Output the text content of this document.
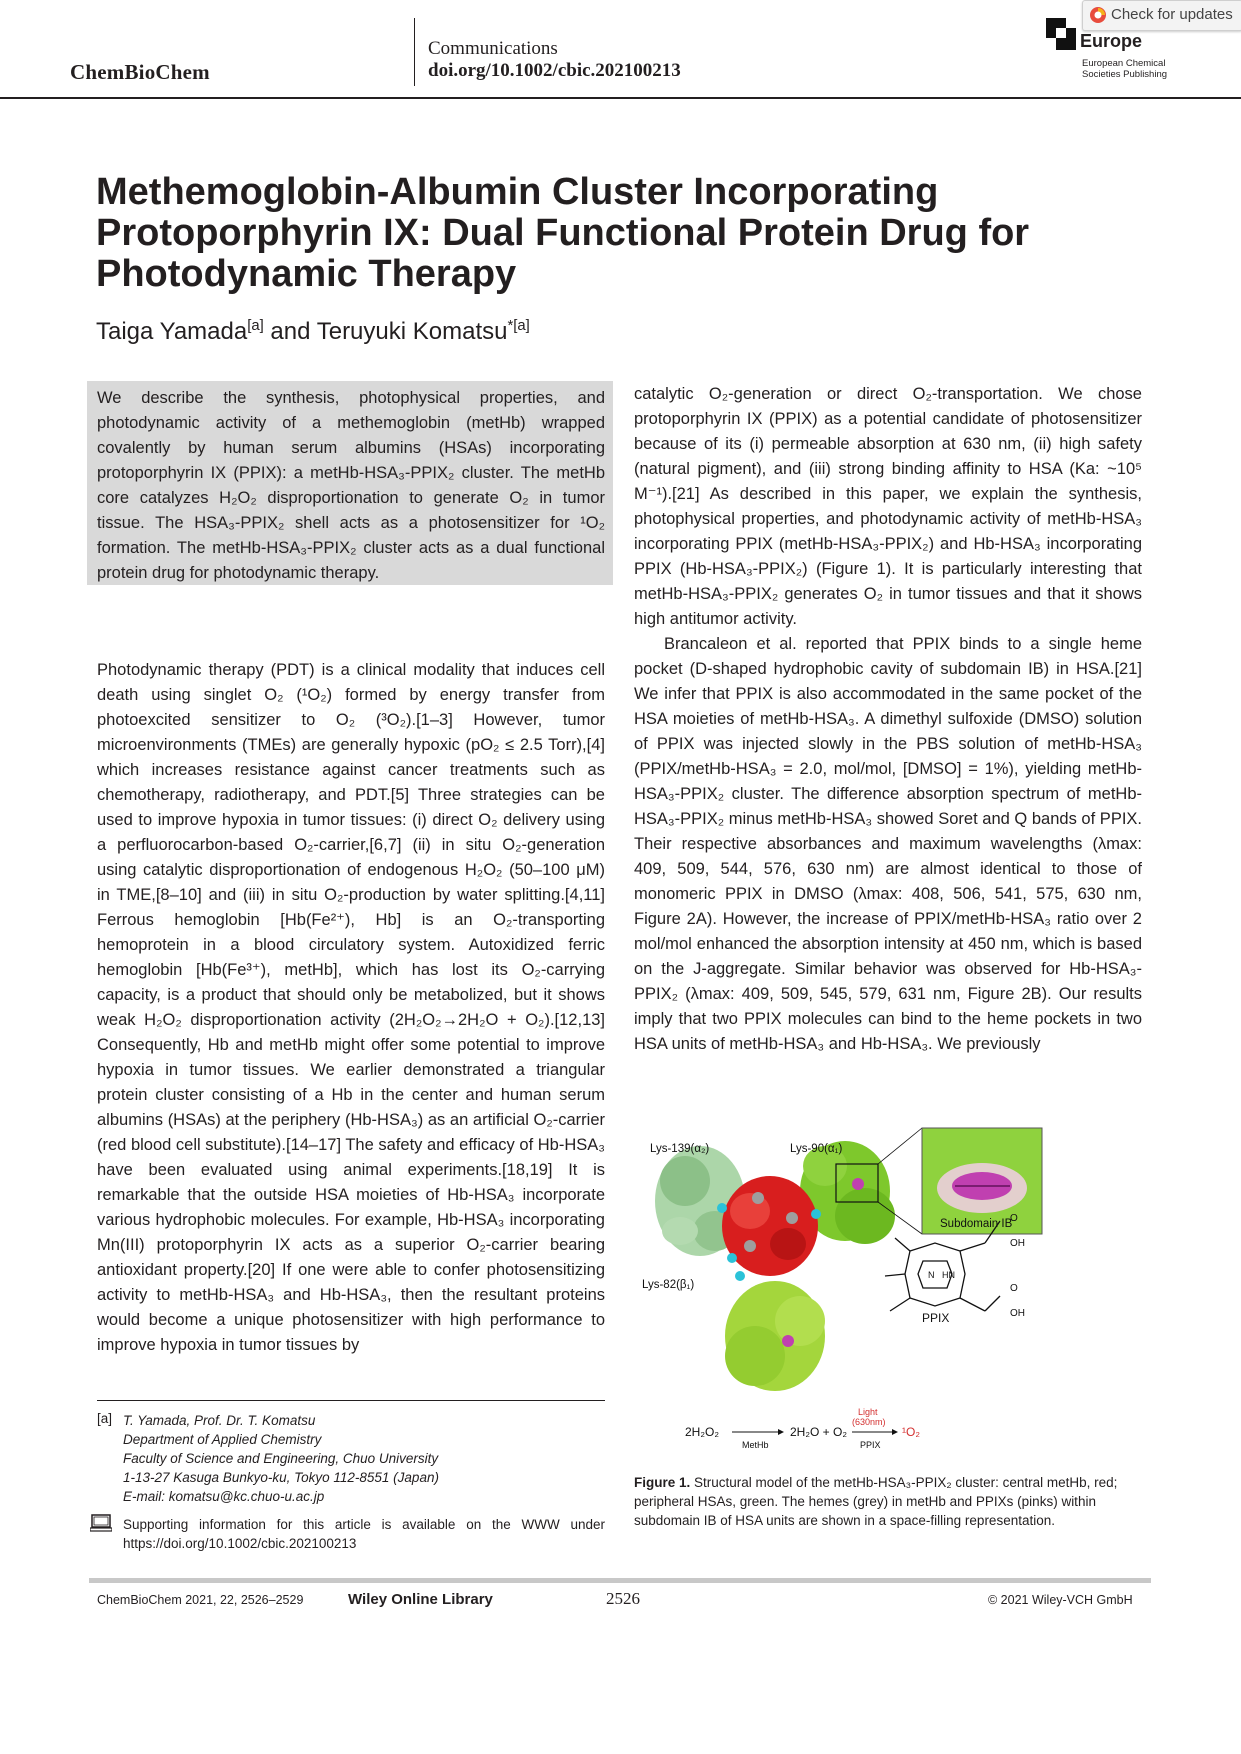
ChemBioChem
Communications
doi.org/10.1002/cbic.202100213
Europe
European Chemical
Societies Publishing
Check for updates
Methemoglobin-Albumin Cluster Incorporating Protoporphyrin IX: Dual Functional Protein Drug for Photodynamic Therapy
Taiga Yamada[a] and Teruyuki Komatsu$^{*[a]}$
We describe the synthesis, photophysical properties, and photodynamic activity of a methemoglobin (metHb) wrapped covalently by human serum albumins (HSAs) incorporating protoporphyrin IX (PPIX): a metHb-HSA₃-PPIX₂ cluster. The metHb core catalyzes H₂O₂ disproportionation to generate O₂ in tumor tissue. The HSA₃-PPIX₂ shell acts as a photosensitizer for ¹O₂ formation. The metHb-HSA₃-PPIX₂ cluster acts as a dual functional protein drug for photodynamic therapy.

Photodynamic therapy (PDT) is a clinical modality that induces cell death using singlet O₂ (¹O₂) formed by energy transfer from photoexcited sensitizer to O₂ (³O₂).[1–3] However, tumor microenvironments (TMEs) are generally hypoxic (pO₂ ≤ 2.5 Torr),[4] which increases resistance against cancer treatments such as chemotherapy, radiotherapy, and PDT.[5] Three strategies can be used to improve hypoxia in tumor tissues: (i) direct O₂ delivery using a perfluorocarbon-based O₂-carrier,[6,7] (ii) in situ O₂-generation using catalytic disproportionation of endogenous H₂O₂ (50–100 μM) in TME,[8–10] and (iii) in situ O₂-production by water splitting.[4,11] Ferrous hemoglobin [Hb(Fe²⁺), Hb] is an O₂-transporting hemoprotein in a blood circulatory system. Autoxidized ferric hemoglobin [Hb(Fe³⁺), metHb], which has lost its O₂-carrying capacity, is a product that should only be metabolized, but it shows weak H₂O₂ disproportionation activity (2H₂O₂→2H₂O + O₂).[12,13] Consequently, Hb and metHb might offer some potential to improve hypoxia in tumor tissues. We earlier demonstrated a triangular protein cluster consisting of a Hb in the center and human serum albumins (HSAs) at the periphery (Hb-HSA₃) as an artificial O₂-carrier (red blood cell substitute).[14–17] The safety and efficacy of Hb-HSA₃ have been evaluated using animal experiments.[18,19] It is remarkable that the outside HSA moieties of Hb-HSA₃ incorporate various hydrophobic molecules. For example, Hb-HSA₃ incorporating Mn(III) protoporphyrin IX acts as a superior O₂-carrier bearing antioxidant property.[20] If one were able to confer photosensitizing activity to metHb-HSA₃ and Hb-HSA₃, then the resultant proteins would become a unique photosensitizer with high performance to improve hypoxia in tumor tissues by

catalytic O₂-generation or direct O₂-transportation. We chose protoporphyrin IX (PPIX) as a potential candidate of photosensitizer because of its (i) permeable absorption at 630 nm, (ii) high safety (natural pigment), and (iii) strong binding affinity to HSA (Ka: ~10⁵ M⁻¹).[21] As described in this paper, we explain the synthesis, photophysical properties, and photodynamic activity of metHb-HSA₃ incorporating PPIX (metHb-HSA₃-PPIX₂) and Hb-HSA₃ incorporating PPIX (Hb-HSA₃-PPIX₂) (Figure 1). It is particularly interesting that metHb-HSA₃-PPIX₂ generates O₂ in tumor tissues and that it shows high antitumor activity.

Brancaleon et al. reported that PPIX binds to a single heme pocket (D-shaped hydrophobic cavity of subdomain IB) in HSA.[21] We infer that PPIX is also accommodated in the same pocket of the HSA moieties of metHb-HSA₃. A dimethyl sulfoxide (DMSO) solution of PPIX was injected slowly in the PBS solution of metHb-HSA₃ (PPIX/metHb-HSA₃ = 2.0, mol/mol, [DMSO] = 1%), yielding metHb-HSA₃-PPIX₂ cluster. The difference absorption spectrum of metHb-HSA₃-PPIX₂ minus metHb-HSA₃ showed Soret and Q bands of PPIX. Their respective absorbances and maximum wavelengths (λmax: 409, 509, 544, 576, 630 nm) are almost identical to those of monomeric PPIX in DMSO (λmax: 408, 506, 541, 575, 630 nm, Figure 2A). However, the increase of PPIX/metHb-HSA₃ ratio over 2 mol/mol enhanced the absorption intensity at 450 nm, which is based on the J-aggregate. Similar behavior was observed for Hb-HSA₃-PPIX₂ (λmax: 409, 509, 545, 579, 631 nm, Figure 2B). Our results imply that two PPIX molecules can bind to the heme pockets in two HSA units of metHb-HSA₃ and Hb-HSA₃. We previously

[a] T. Yamada, Prof. Dr. T. Komatsu
Department of Applied Chemistry
Faculty of Science and Engineering, Chuo University
1-13-27 Kasuga Bunkyo-ku, Tokyo 112-8551 (Japan)
E-mail: komatsu@kc.chuo-u.ac.jp
Supporting information for this article is available on the WWW under https://doi.org/10.1002/cbic.202100213
Subdomain IB
O
OH
O
OH
N HN
PPIX
Lys-139(α₂)	Lys-90(α₁)
Lys-82(β₁)
2H₂O₂
MetHb
2H₂O + O₂
Light
(630nm)
PPIX
¹O₂
Figure 1. Structural model of the metHb-HSA₃-PPIX₂ cluster: central metHb, red; peripheral HSAs, green. The hemes (grey) in metHb and PPIXs (pinks) within subdomain IB of HSA units are shown in a space-filling representation.
ChemBioChem 2021, 22, 2526–2529	Wiley Online Library	2526	© 2021 Wiley-VCH GmbH
